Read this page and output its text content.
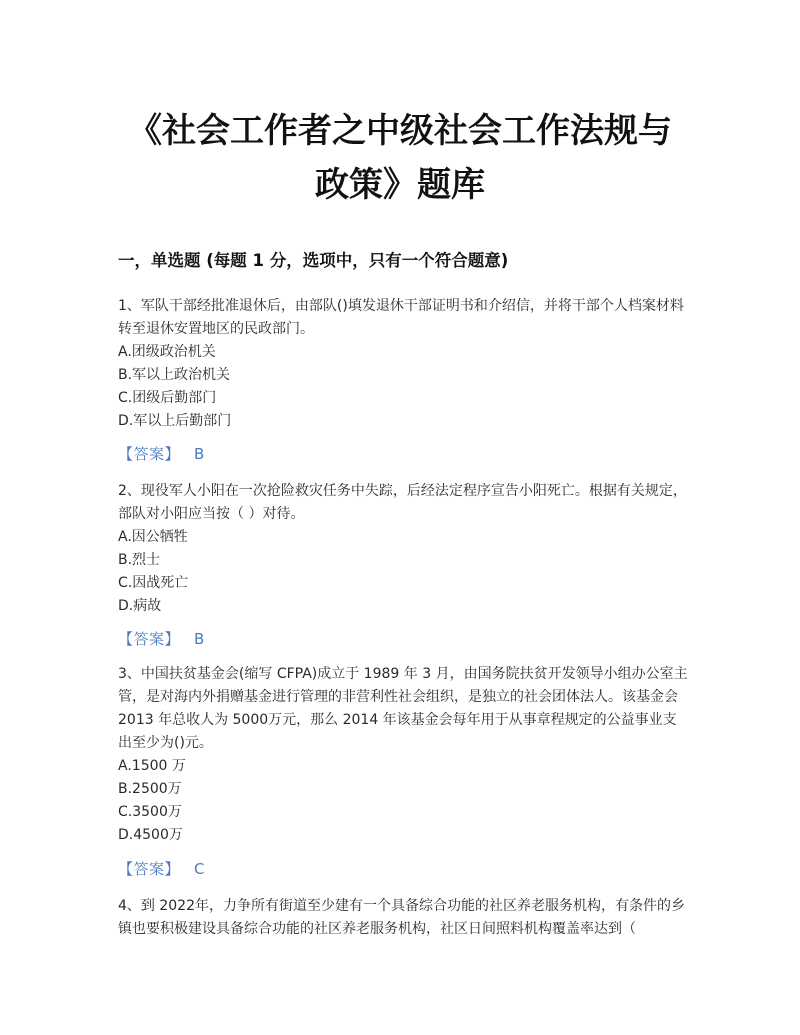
《社会工作者之中级社会工作法规与
政策》题库
一，单选题 (每题 1 分，选项中，只有一个符合题意)
1、军队干部经批准退休后，由部队()填发退休干部证明书和介绍信，并将干部个人档案材料转至退休安置地区的民政部门。
A.团级政治机关
B.军以上政治机关
C.团级后勤部门
D.军以上后勤部门
【答案】 B
2、现役军人小阳在一次抢险救灾任务中失踪，后经法定程序宣告小阳死亡。根据有关规定，部队对小阳应当按（ ）对待。
A.因公牺牲
B.烈士
C.因战死亡
D.病故
【答案】 B
3、中国扶贫基金会(缩写 CFPA)成立于 1989 年 3 月，由国务院扶贫开发领导小组办公室主管，是对海内外捐赠基金进行管理的非营利性社会组织，是独立的社会团体法人。该基金会 2013 年总收人为 5000万元，那么 2014 年该基金会每年用于从事章程规定的公益事业支出至少为()元。
A.1500 万
B.2500万
C.3500万
D.4500万
【答案】 C
4、到 2022年，力争所有街道至少建有一个具备综合功能的社区养老服务机构，有条件的乡镇也要积极建设具备综合功能的社区养老服务机构，社区日间照料机构覆盖率达到（
